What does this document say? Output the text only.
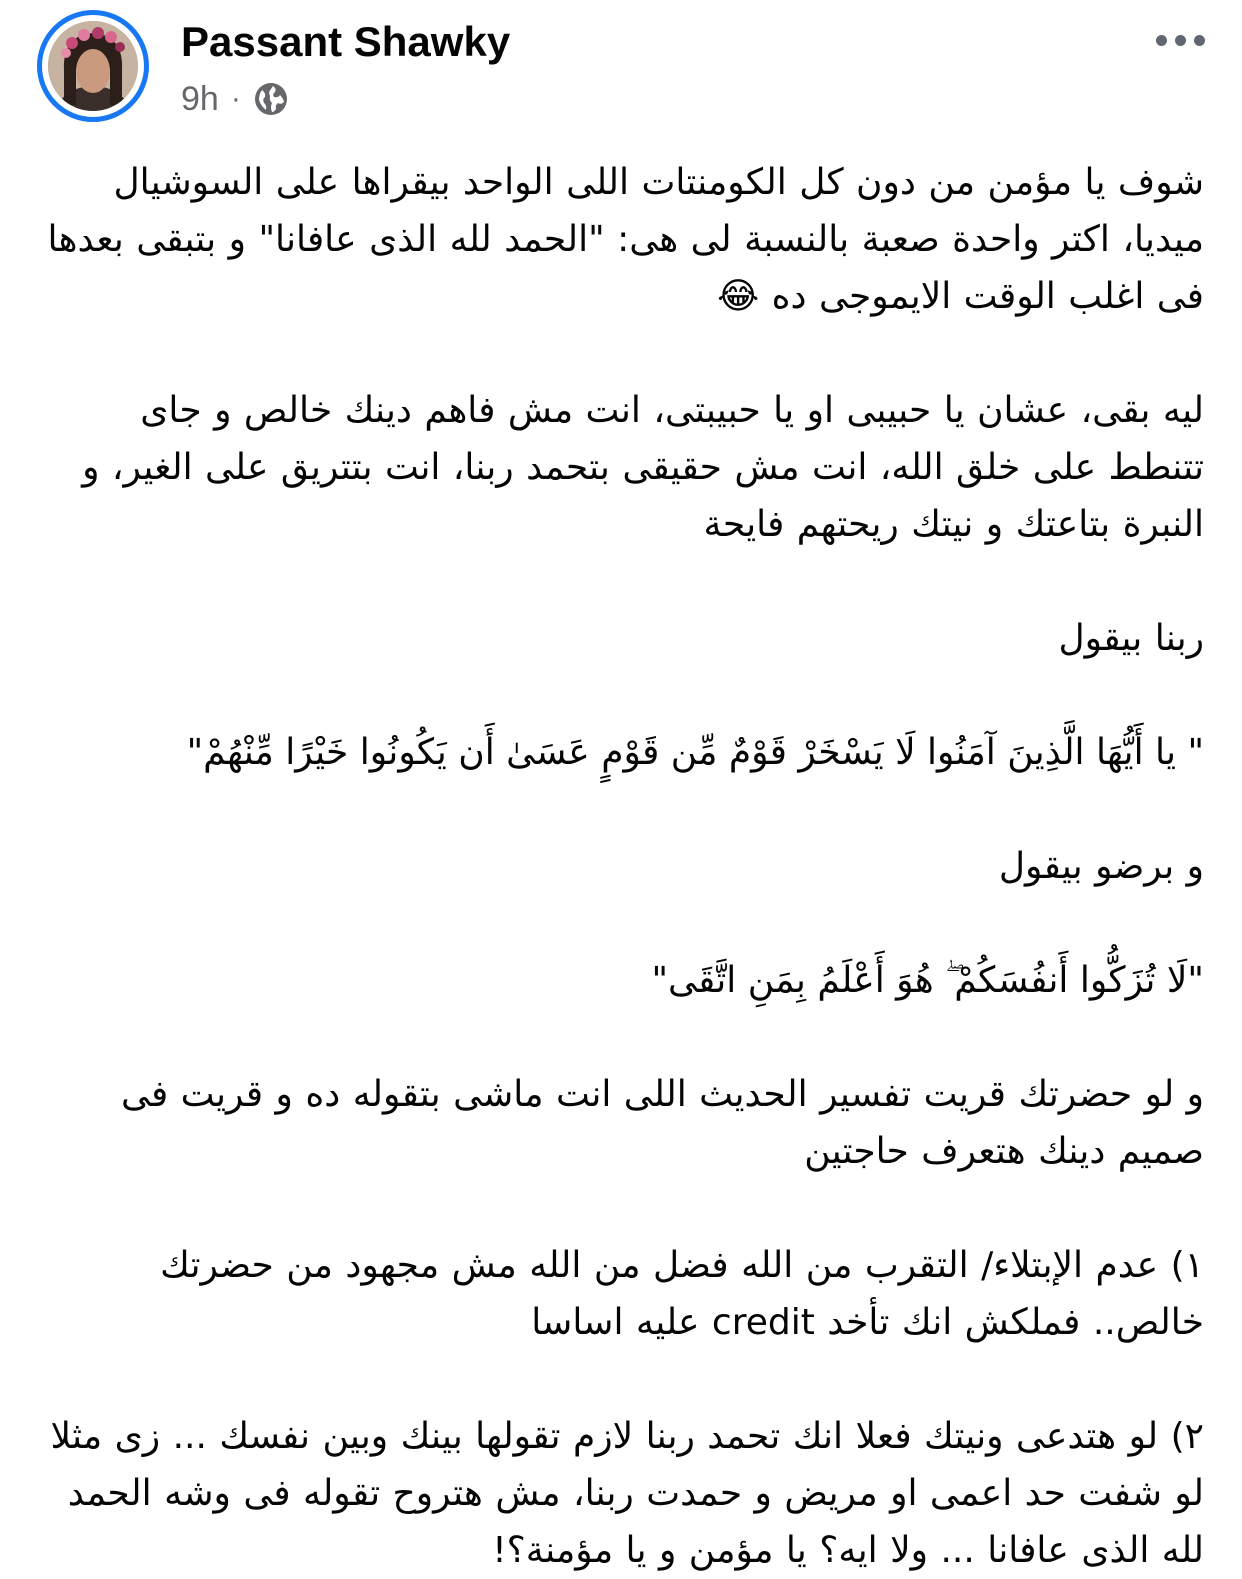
Passant Shawky
9h ·

شوف يا مؤمن من دون كل الكومنتات اللى الواحد بيقراها على السوشيال ميديا، اكتر واحدة صعبة بالنسبة لى هى: "الحمد لله الذى عافانا" و بتبقى بعدها فى اغلب الوقت الايموجى ده 😂

ليه بقى، عشان يا حبيبى او يا حبيبتى، انت مش فاهم دينك خالص و جاى تتنطط على خلق الله، انت مش حقيقى بتحمد ربنا، انت بتتريق على الغير، و النبرة بتاعتك و نيتك ريحتهم فايحة

ربنا بيقول

" يا أَيُّهَا الَّذِينَ آمَنُوا لَا يَسْخَرْ قَوْمٌ مِّن قَوْمٍ عَسَىٰ أَن يَكُونُوا خَيْرًا مِّنْهُمْ"

و برضو بيقول

"لَا تُزَكُّوا أَنفُسَكُمْ ۖ هُوَ أَعْلَمُ بِمَنِ اتَّقَى"

و لو حضرتك قريت تفسير الحديث اللى انت ماشى بتقوله ده و قريت فى صميم دينك هتعرف حاجتين

١) عدم الإبتلاء/ التقرب من الله فضل من الله مش مجهود من حضرتك خالص.. فملكش انك تأخد credit عليه اساسا

٢) لو هتدعى ونيتك فعلا انك تحمد ربنا لازم تقولها بينك وبين نفسك ... زى مثلا لو شفت حد اعمى او مريض و حمدت ربنا، مش هتروح تقوله فى وشه الحمد لله الذى عافانا ... ولا ايه؟ يا مؤمن و يا مؤمنة؟!
